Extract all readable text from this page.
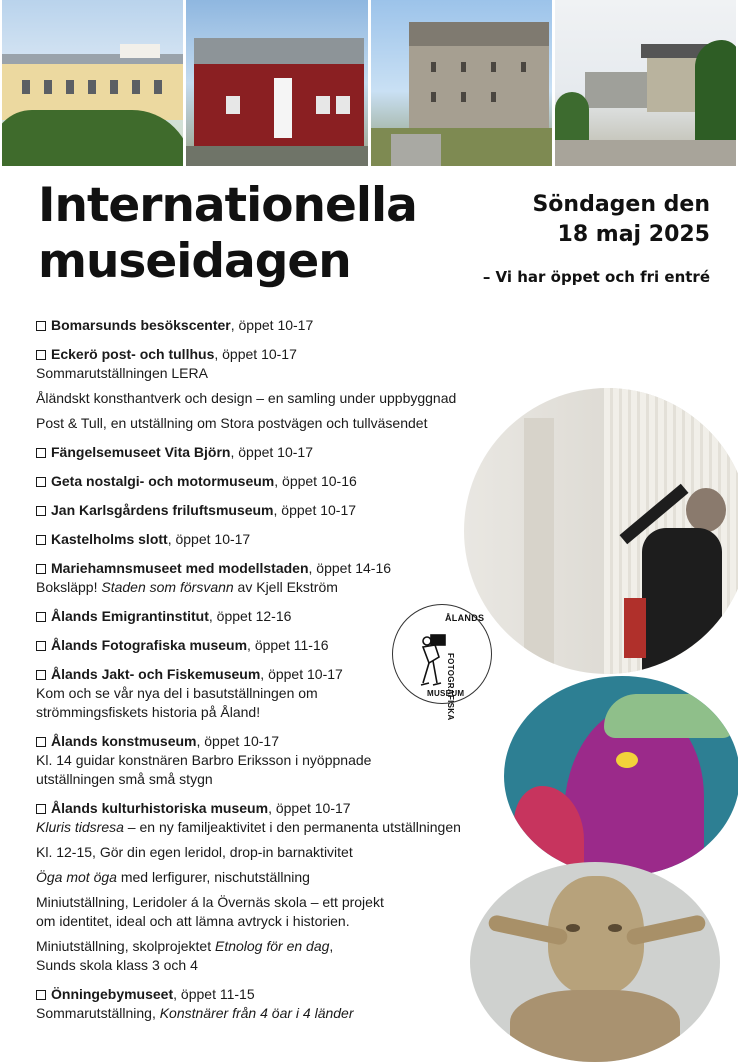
Internationella
museidagen
Söndagen den
18 maj 2025
– Vi har öppet och fri entré
Bomarsunds besökscenter, öppet 10-17
Eckerö post- och tullhus, öppet 10-17
Sommarutställningen LERA
Åländskt konsthantverk och design – en samling under uppbyggnad
Post & Tull, en utställning om Stora postvägen och tullväsendet
Fängelsemuseet Vita Björn, öppet 10-17
Geta nostalgi- och motormuseum, öppet 10-16
Jan Karlsgårdens friluftsmuseum, öppet 10-17
Kastelholms slott, öppet 10-17
Mariehamnsmuseet med modellstaden, öppet 14-16
Boksläpp! Staden som försvann av Kjell Ekström
Ålands Emigrantinstitut, öppet 12-16
Ålands Fotografiska museum, öppet 11-16
Ålands Jakt- och Fiskemuseum, öppet 10-17
Kom och se vår nya del i basutställningen om
strömmingsfiskets historia på Åland!
Ålands konstmuseum, öppet 10-17
Kl. 14 guidar konstnären Barbro Eriksson i nyöppnade
utställningen små små stygn
Ålands kulturhistoriska museum, öppet 10-17
Kluris tidsresa – en ny familjeaktivitet i den permanenta utställningen
Kl. 12-15, Gör din egen leridol, drop-in barnaktivitet
Öga mot öga med lerfigurer, nischutställning
Miniutställning, Leridoler á la Övernäs skola – ett projekt
om identitet, ideal och att lämna avtryck i historien.
Miniutställning, skolprojektet Etnolog för en dag,
Sunds skola klass 3 och 4
Önningebymuseet, öppet 11-15
Sommarutställning, Konstnärer från 4 öar i 4 länder
ÅLANDS
FOTOGRAFISKA
MUSEUM
